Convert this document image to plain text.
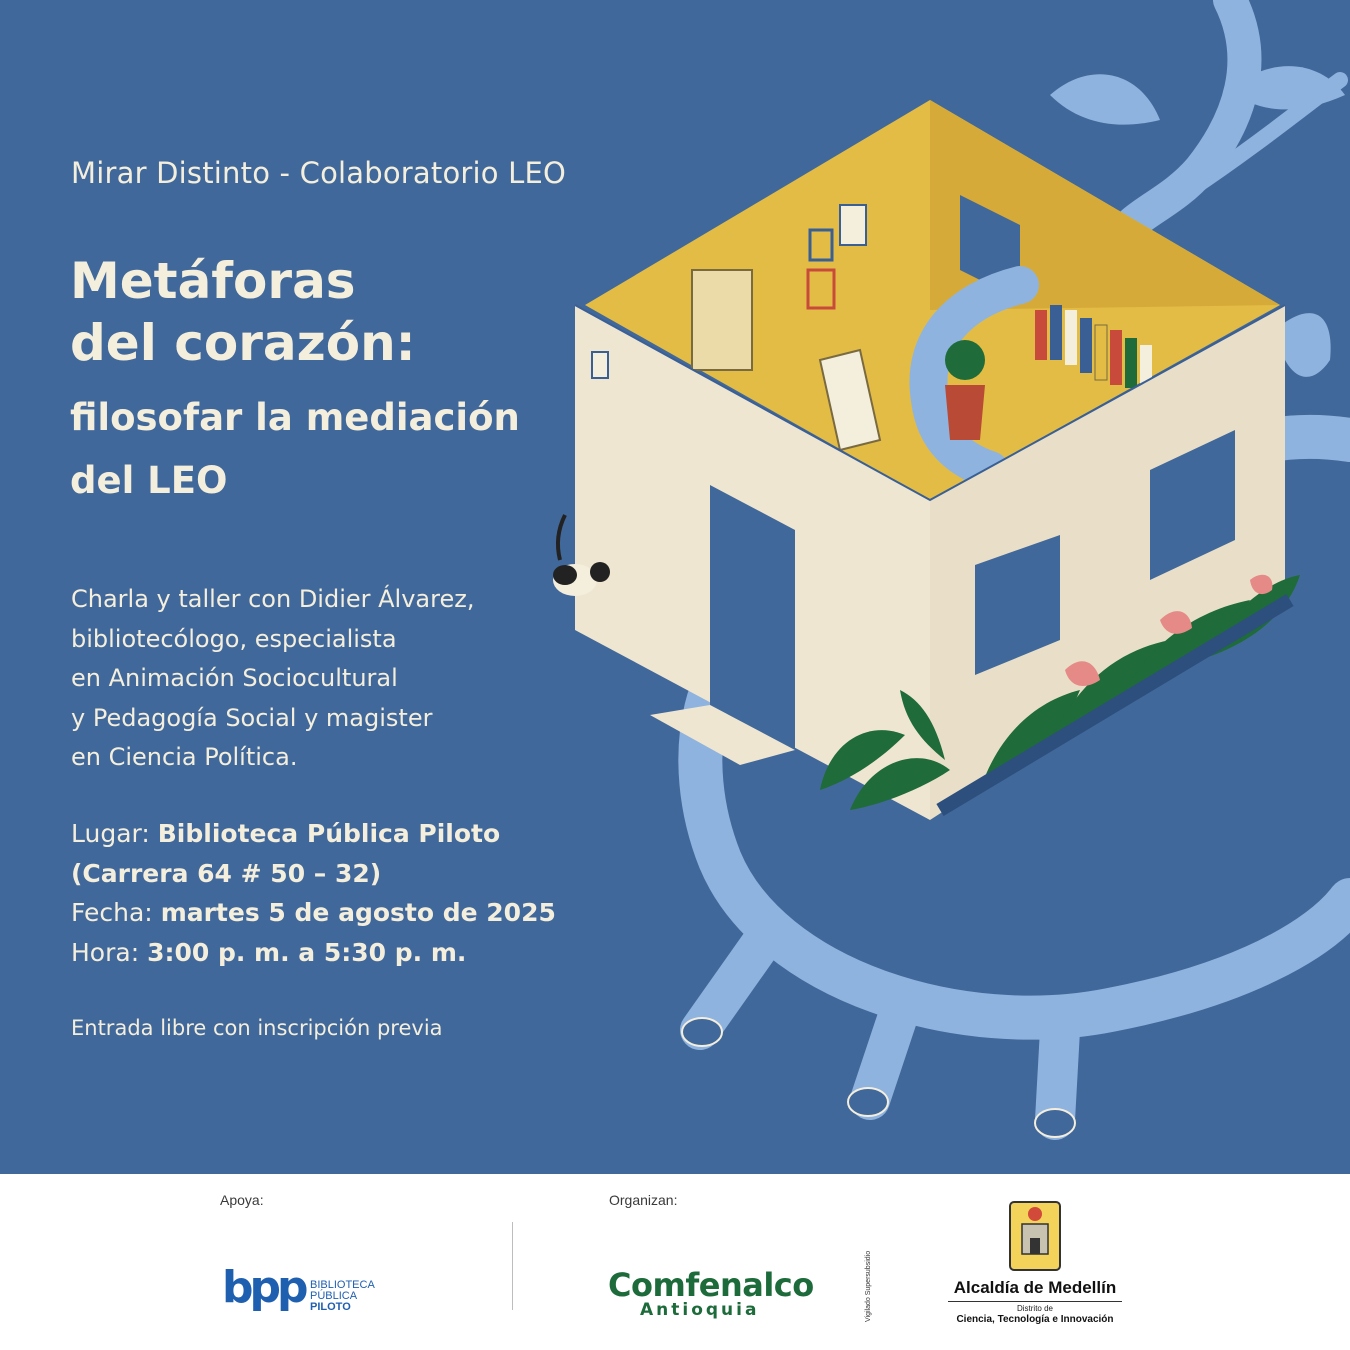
Mirar Distinto - Colaboratorio LEO
Metáforas
del corazón:
filosofar la mediación
del LEO
Charla y taller con Didier Álvarez,
bibliotecólogo, especialista
en Animación Sociocultural
y Pedagogía Social y magister
en Ciencia Política.
Lugar: Biblioteca Pública Piloto
(Carrera 64 # 50 – 32)
Fecha: martes 5 de agosto de 2025
Hora: 3:00 p. m. a 5:30 p. m.
Entrada libre con inscripción previa
Apoya:	Organizan:
bpp BIBLIOTECA
PÚBLICA
PILOTO
Comfenalco
Antioquia	Vigilado Supersubsidio	Alcaldía de Medellín
Distrito de
Ciencia, Tecnología e Innovación
